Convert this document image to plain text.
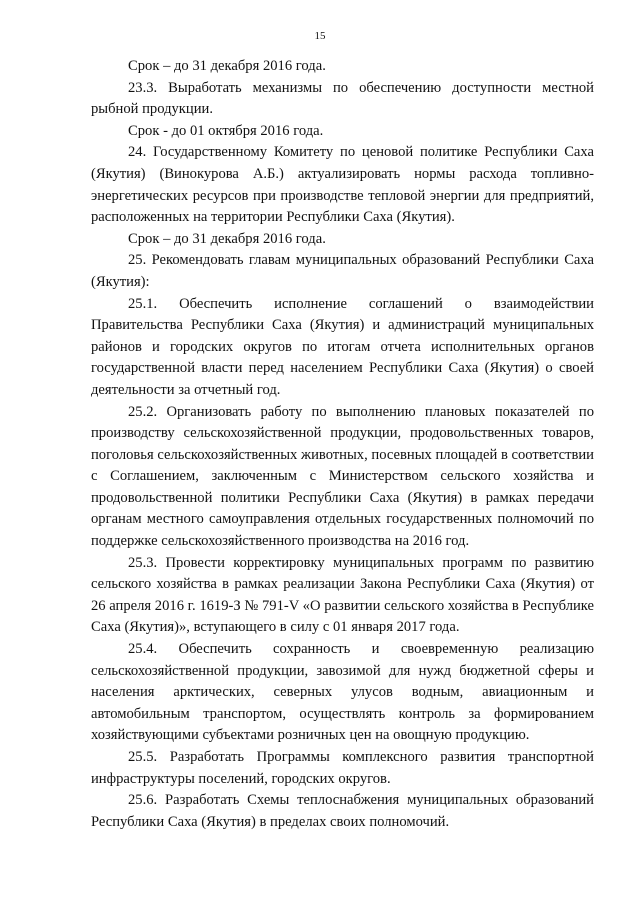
15

Срок – до 31 декабря 2016 года.

23.3. Выработать механизмы по обеспечению доступности местной рыбной продукции.

Срок - до 01 октября 2016 года.

24. Государственному Комитету по ценовой политике Республики Саха (Якутия) (Винокурова А.Б.) актуализировать нормы расхода топливно-энергетических ресурсов при производстве тепловой энергии для предприятий, расположенных на территории Республики Саха (Якутия).

Срок – до 31 декабря 2016 года.

25. Рекомендовать главам муниципальных образований Республики Саха (Якутия):

25.1. Обеспечить исполнение соглашений о взаимодействии Правительства Республики Саха (Якутия) и администраций муниципальных районов и городских округов по итогам отчета исполнительных органов государственной власти перед населением Республики Саха (Якутия) о своей деятельности за отчетный год.

25.2. Организовать работу по выполнению плановых показателей по производству сельскохозяйственной продукции, продовольственных товаров, поголовья сельскохозяйственных животных, посевных площадей в соответствии с Соглашением, заключенным с Министерством сельского хозяйства и продовольственной политики Республики Саха (Якутия) в рамках передачи органам местного самоуправления отдельных государственных полномочий по поддержке сельскохозяйственного производства на 2016 год.

25.3. Провести корректировку муниципальных программ по развитию сельского хозяйства в рамках реализации Закона Республики Саха (Якутия) от 26 апреля 2016 г. 1619-З № 791-V «О развитии сельского хозяйства в Республике Саха (Якутия)», вступающего в силу с 01 января 2017 года.

25.4. Обеспечить сохранность и своевременную реализацию сельскохозяйственной продукции, завозимой для нужд бюджетной сферы и населения арктических, северных улусов водным, авиационным и автомобильным транспортом, осуществлять контроль за формированием хозяйствующими субъектами розничных цен на овощную продукцию.

25.5. Разработать Программы комплексного развития транспортной инфраструктуры поселений, городских округов.

25.6. Разработать Схемы теплоснабжения муниципальных образований Республики Саха (Якутия) в пределах своих полномочий.
